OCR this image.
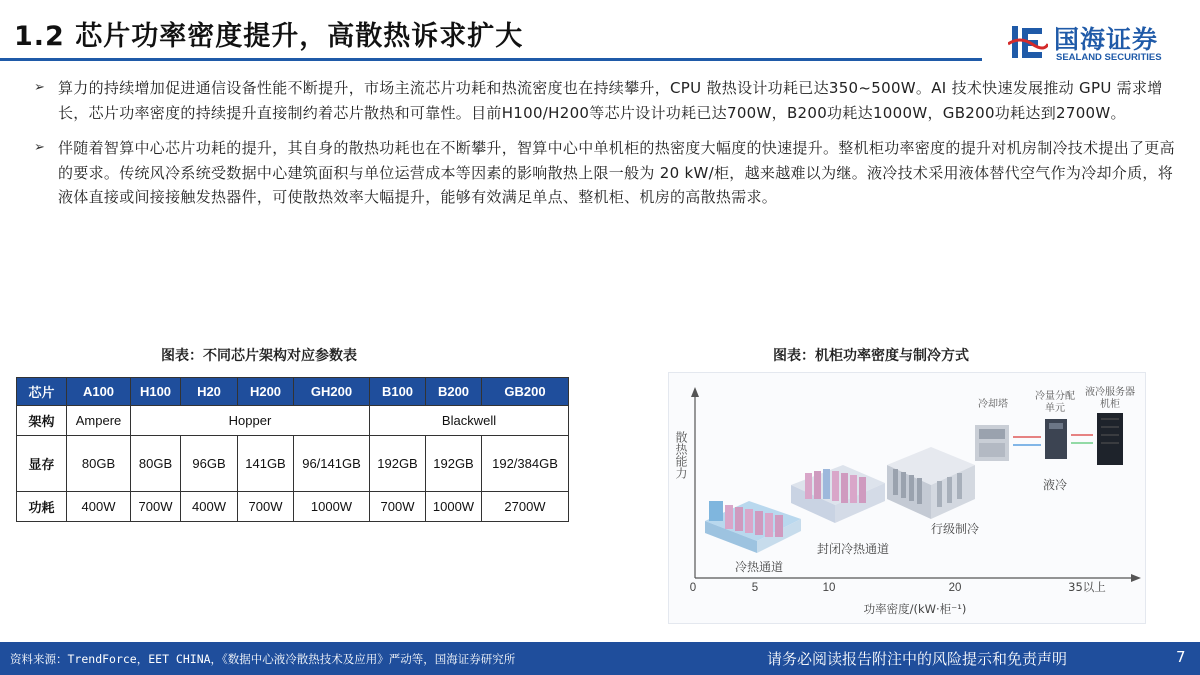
1.2 芯片功率密度提升，高散热诉求扩大	国海证券
SEALAND SECURITIES
➢ 算力的持续增加促进通信设备性能不断提升，市场主流芯片功耗和热流密度也在持续攀升，CPU 散热设计功耗已达350~500W。AI 技术快速发展推动 GPU 需求增长，芯片功率密度的持续提升直接制约着芯片散热和可靠性。目前H100/H200等芯片设计功耗已达700W，B200功耗达1000W，GB200功耗达到2700W。
➢ 伴随着智算中心芯片功耗的提升，其自身的散热功耗也在不断攀升，智算中心中单机柜的热密度大幅度的快速提升。整机柜功率密度的提升对机房制冷技术提出了更高的要求。传统风冷系统受数据中心建筑面积与单位运营成本等因素的影响散热上限一般为 20 kW/柜，越来越难以为继。液冷技术采用液体替代空气作为冷却介质，将液体直接或间接接触发热器件，可使散热效率大幅提升，能够有效满足单点、整机柜、机房的高散热需求。
图表：不同芯片架构对应参数表
芯片	A100	H100	H20	H200	GH200	B100	B200	GB200
架构	Ampere	Hopper				Blackwell		
显存	80GB	80GB	96GB	141GB	96/141GB	192GB	192GB	192/384GB
功耗	400W	700W	400W	700W	1000W	700W	1000W	2700W
图表：机柜功率密度与制冷方式
散热能力
0	5	10	20	35以上
功率密度/(kW·柜⁻¹)
冷热通道
封闭冷热通道
行级制冷
冷却塔
冷量分配单元
液冷服务器机柜
液冷
资料来源：TrendForce，EET CHINA，《数据中心液冷散热技术及应用》严动等，国海证券研究所	请务必阅读报告附注中的风险提示和免责声明	7
